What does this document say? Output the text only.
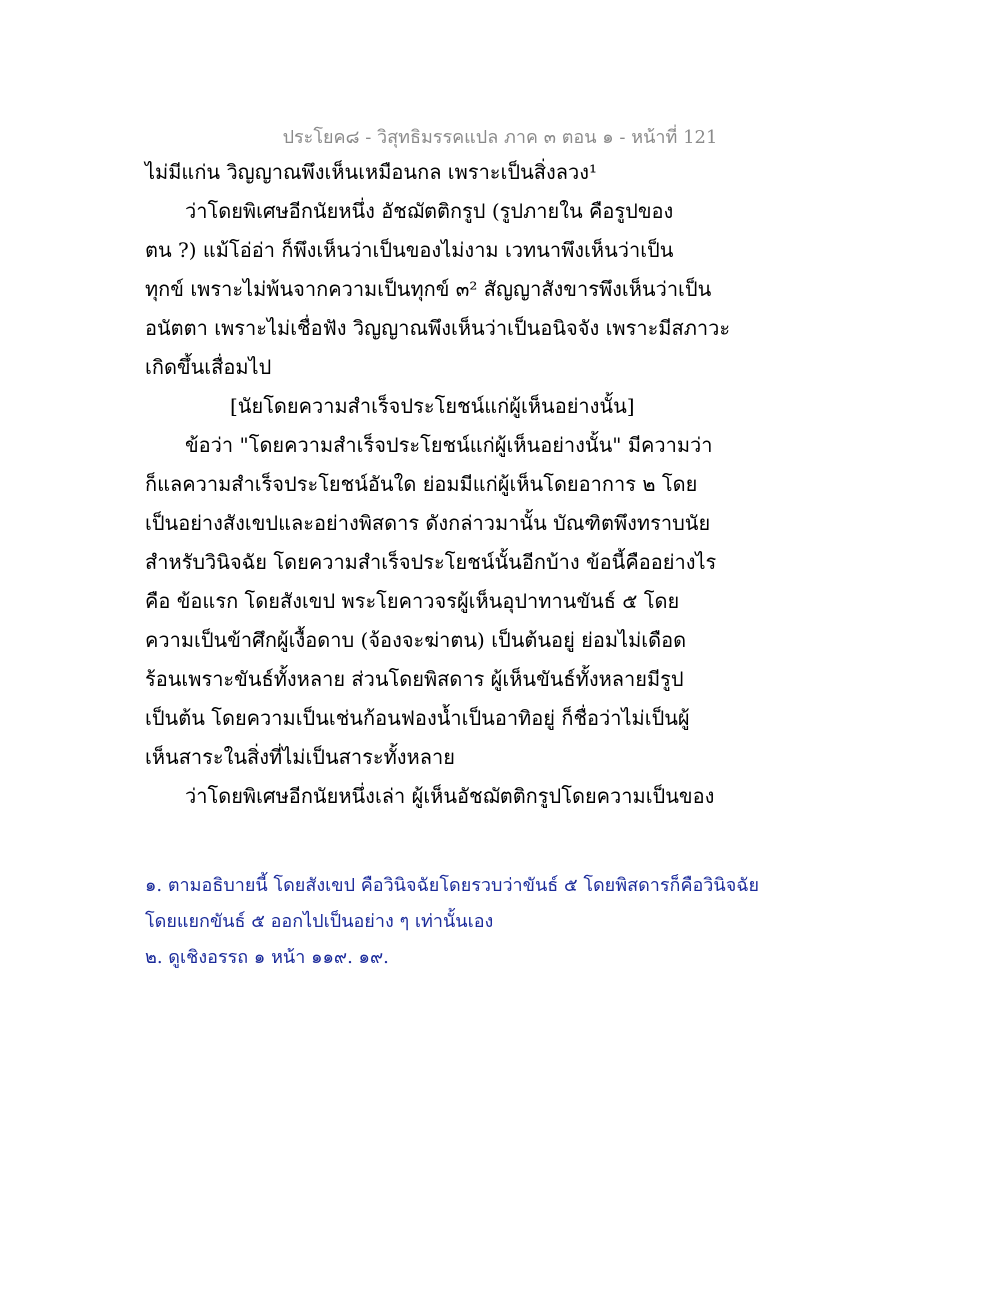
ประโยค๘ - วิสุทธิมรรคแปล ภาค ๓ ตอน ๑ - หน้าที่ 121
ไม่มีแก่น วิญญาณพึงเห็นเหมือนกล เพราะเป็นสิ่งลวง¹
ว่าโดยพิเศษอีกนัยหนึ่ง อัชฌัตติกรูป (รูปภายใน คือรูปของ
ตน ?) แม้โอ่อ่า ก็พึงเห็นว่าเป็นของไม่งาม เวทนาพึงเห็นว่าเป็น
ทุกข์ เพราะไม่พ้นจากความเป็นทุกข์ ๓² สัญญาสังขารพึงเห็นว่าเป็น
อนัตตา เพราะไม่เชื่อฟัง วิญญาณพึงเห็นว่าเป็นอนิจจัง เพราะมีสภาวะ
เกิดขึ้นเสื่อมไป
[นัยโดยความสำเร็จประโยชน์แก่ผู้เห็นอย่างนั้น]
ข้อว่า "โดยความสำเร็จประโยชน์แก่ผู้เห็นอย่างนั้น" มีความว่า
ก็แลความสำเร็จประโยชน์อันใด ย่อมมีแก่ผู้เห็นโดยอาการ ๒ โดย
เป็นอย่างสังเขปและอย่างพิสดาร ดังกล่าวมานั้น บัณฑิตพึงทราบนัย
สำหรับวินิจฉัย โดยความสำเร็จประโยชน์นั้นอีกบ้าง ข้อนี้คืออย่างไร
คือ ข้อแรก โดยสังเขป พระโยคาวจรผู้เห็นอุปาทานขันธ์ ๕ โดย
ความเป็นข้าศึกผู้เงื้อดาบ (จ้องจะฆ่าตน) เป็นต้นอยู่ ย่อมไม่เดือด
ร้อนเพราะขันธ์ทั้งหลาย ส่วนโดยพิสดาร ผู้เห็นขันธ์ทั้งหลายมีรูป
เป็นต้น โดยความเป็นเช่นก้อนฟองน้ำเป็นอาทิอยู่ ก็ชื่อว่าไม่เป็นผู้
เห็นสาระในสิ่งที่ไม่เป็นสาระทั้งหลาย
ว่าโดยพิเศษอีกนัยหนึ่งเล่า ผู้เห็นอัชฌัตติกรูปโดยความเป็นของ
๑. ตามอธิบายนี้ โดยสังเขป คือวินิจฉัยโดยรวบว่าขันธ์ ๕ โดยพิสดารก็คือวินิจฉัย
โดยแยกขันธ์ ๕ ออกไปเป็นอย่าง ๆ เท่านั้นเอง
๒. ดูเชิงอรรถ ๑ หน้า ๑๑๙. ๑๙.
